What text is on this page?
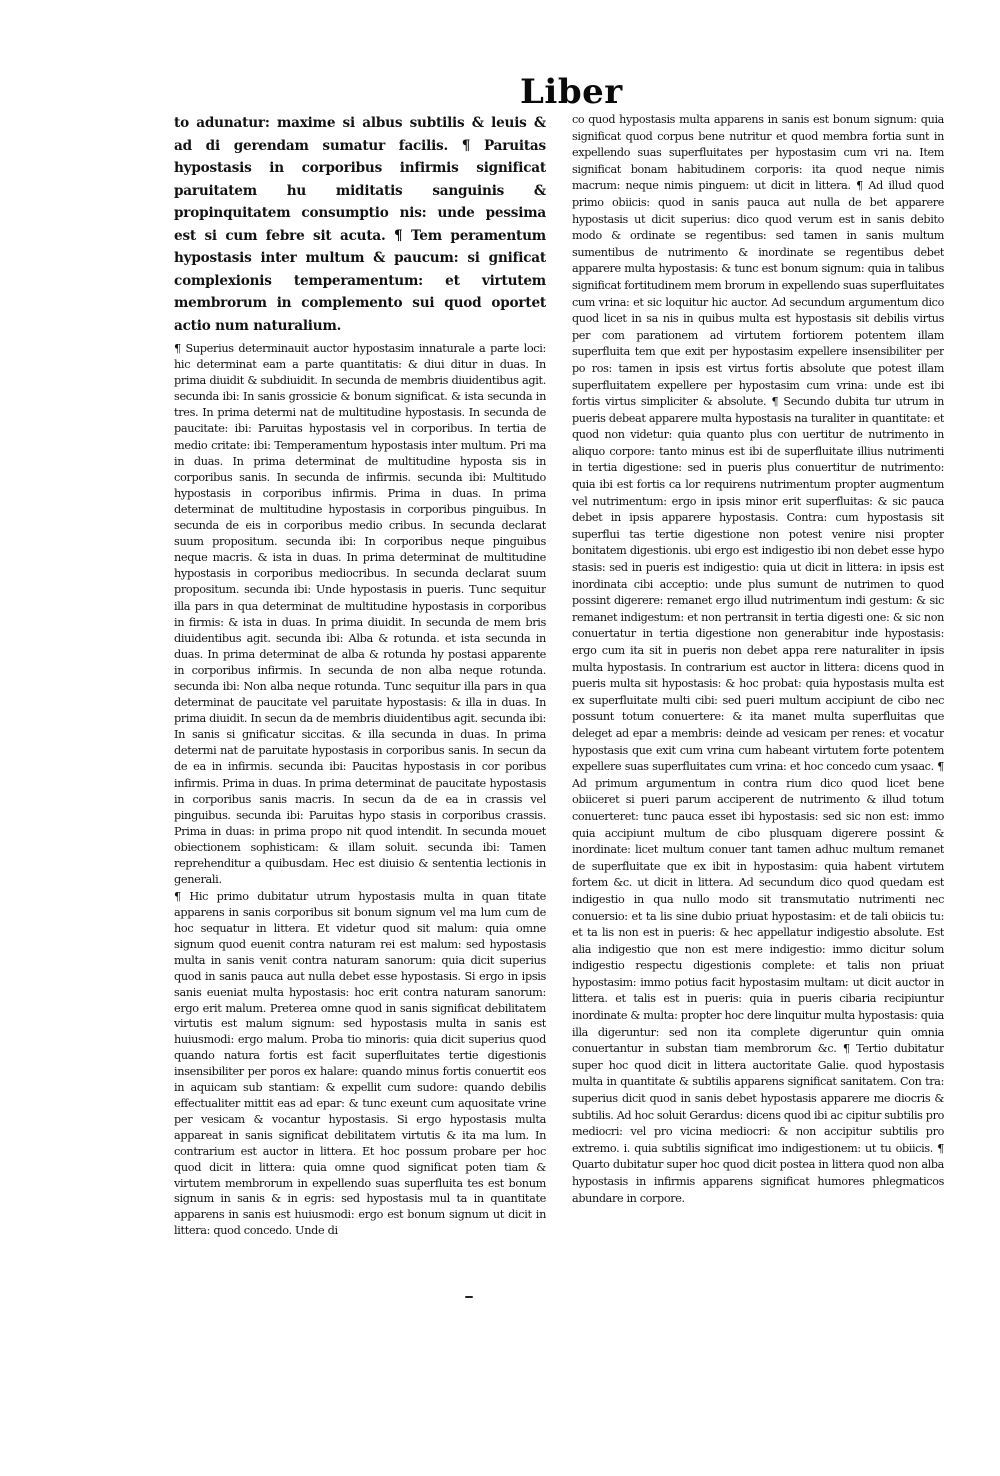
Liber

to adunatur: maxime si albus subtilis & leuis & ad di gerendam sumatur facilis. ¶ Paruitas hypostasis in corporibus infirmis significat paruitatem hu miditatis sanguinis & propinquitatem consumptio nis: unde pessima est si cum febre sit acuta. ¶ Tem peramentum hypostasis inter multum & paucum: si gnificat complexionis temperamentum: et virtutem membrorum in complemento sui quod oportet actio num naturalium.

¶ Superius determinauit auctor hypostasim innaturale a parte loci: hic determinat eam a parte quantitatis: & diui ditur in duas. In prima diuidit & subdiuidit. In secunda de membris diuidentibus agit. secunda ibi: In sanis grossicie & bonum significat. & ista secunda in tres. In prima determi nat de multitudine hypostasis. In secunda de paucitate: ibi: Paruitas hypostasis vel in corporibus. In tertia de medio critate: ibi: Temperamentum hypostasis inter multum. Pri ma in duas. In prima determinat de multitudine hyposta sis in corporibus sanis. In secunda de infirmis. secunda ibi: Multitudo hypostasis in corporibus infirmis. Prima in duas. In prima determinat de multitudine hypostasis in corporibus pinguibus. In secunda de eis in corporibus medio cribus. In secunda declarat suum propositum. secunda ibi: In corporibus neque pinguibus neque macris. & ista in duas. In prima determinat de multitudine hypostasis in corporibus mediocribus. In secunda declarat suum propositum. secunda ibi: Unde hypostasis in pueris. Tunc sequitur illa pars in qua determinat de multitudine hypostasis in corporibus in firmis: & ista in duas. In prima diuidit. In secunda de mem bris diuidentibus agit. secunda ibi: Alba & rotunda. et ista secunda in duas. In prima determinat de alba & rotunda hy postasi apparente in corporibus infirmis. In secunda de non alba neque rotunda. secunda ibi: Non alba neque rotunda. Tunc sequitur illa pars in qua determinat de paucitate vel paruitate hypostasis: & illa in duas. In prima diuidit. In secun da de membris diuidentibus agit. secunda ibi: In sanis si gnificatur siccitas. & illa secunda in duas. In prima determi nat de paruitate hypostasis in corporibus sanis. In secun da de ea in infirmis. secunda ibi: Paucitas hypostasis in cor poribus infirmis. Prima in duas. In prima determinat de paucitate hypostasis in corporibus sanis macris. In secun da de ea in crassis vel pinguibus. secunda ibi: Paruitas hypo stasis in corporibus crassis. Prima in duas: in prima propo nit quod intendit. In secunda mouet obiectionem sophisticam: & illam soluit. secunda ibi: Tamen reprehenditur a quibusdam. Hec est diuisio & sententia lectionis in generali.

¶ Hic primo dubitatur utrum hypostasis multa in quan titate apparens in sanis corporibus sit bonum signum vel ma lum cum de hoc sequatur in littera. Et videtur quod sit malum: quia omne signum quod euenit contra naturam rei est malum: sed hypostasis multa in sanis venit contra naturam sanorum: quia dicit superius quod in sanis pauca aut nulla debet esse hypostasis. Si ergo in ipsis sanis eueniat multa hypostasis: hoc erit contra naturam sanorum: ergo erit malum. Preterea omne quod in sanis significat debilitatem virtutis est malum signum: sed hypostasis multa in sanis est huiusmodi: ergo malum. Proba tio minoris: quia dicit superius quod quando natura fortis est facit superfluitates tertie digestionis insensibiliter per poros ex halare: quando minus fortis conuertit eos in aquicam sub stantiam: & expellit cum sudore: quando debilis effectualiter mittit eas ad epar: & tunc exeunt cum aquositate vrine per vesicam & vocantur hypostasis. Si ergo hypostasis multa appareat in sanis significat debilitatem virtutis & ita ma lum. In contrarium est auctor in littera. Et hoc possum probare per hoc quod dicit in littera: quia omne quod significat poten tiam & virtutem membrorum in expellendo suas superfluita tes est bonum signum in sanis & in egris: sed hypostasis mul ta in quantitate apparens in sanis est huiusmodi: ergo est bonum signum ut dicit in littera: quod concedo. Unde di

co quod hypostasis multa apparens in sanis est bonum signum: quia significat quod corpus bene nutritur et quod membra fortia sunt in expellendo suas superfluitates per hypostasim cum vri na. Item significat bonam habitudinem corporis: ita quod neque nimis macrum: neque nimis pinguem: ut dicit in littera. ¶ Ad illud quod primo obiicis: quod in sanis pauca aut nulla de bet apparere hypostasis ut dicit superius: dico quod verum est in sanis debito modo & ordinate se regentibus: sed tamen in sanis multum sumentibus de nutrimento & inordinate se regentibus debet apparere multa hypostasis: & tunc est bonum signum: quia in talibus significat fortitudinem mem brorum in expellendo suas superfluitates cum vrina: et sic loquitur hic auctor. Ad secundum argumentum dico quod licet in sa nis in quibus multa est hypostasis sit debilis virtus per com parationem ad virtutem fortiorem potentem illam superfluita tem que exit per hypostasim expellere insensibiliter per po ros: tamen in ipsis est virtus fortis absolute que potest illam superfluitatem expellere per hypostasim cum vrina: unde est ibi fortis virtus simpliciter & absolute. ¶ Secundo dubita tur utrum in pueris debeat apparere multa hypostasis na turaliter in quantitate: et quod non videtur: quia quanto plus con uertitur de nutrimento in aliquo corpore: tanto minus est ibi de superfluitate illius nutrimenti in tertia digestione: sed in pueris plus conuertitur de nutrimento: quia ibi est fortis ca lor requirens nutrimentum propter augmentum vel nutrimentum: ergo in ipsis minor erit superfluitas: & sic pauca debet in ipsis apparere hypostasis. Contra: cum hypostasis sit superflui tas tertie digestione non potest venire nisi propter bonitatem digestionis. ubi ergo est indigestio ibi non debet esse hypo stasis: sed in pueris est indigestio: quia ut dicit in littera: in ipsis est inordinata cibi acceptio: unde plus sumunt de nutrimen to quod possint digerere: remanet ergo illud nutrimentum indi gestum: & sic remanet indigestum: et non pertransit in tertia digesti one: & sic non conuertatur in tertia digestione non generabitur inde hypostasis: ergo cum ita sit in pueris non debet appa rere naturaliter in ipsis multa hypostasis. In contrarium est auctor in littera: dicens quod in pueris multa sit hypostasis: & hoc probat: quia hypostasis multa est ex superfluitate multi cibi: sed pueri multum accipiunt de cibo nec possunt totum conuertere: & ita manet multa superfluitas que deleget ad epar a membris: deinde ad vesicam per renes: et vocatur hypostasis que exit cum vrina cum habeant virtutem forte potentem expellere suas superfluitates cum vrina: et hoc concedo cum ysaac. ¶ Ad primum argumentum in contra rium dico quod licet bene obiiceret si pueri parum acciperent de nutrimento & illud totum conuerteret: tunc pauca esset ibi hypostasis: sed sic non est: immo quia accipiunt multum de cibo plusquam digerere possint & inordinate: licet multum conuer tant tamen adhuc multum remanet de superfluitate que ex ibit in hypostasim: quia habent virtutem fortem &c. ut dicit in littera. Ad secundum dico quod quedam est indigestio in qua nullo modo sit transmutatio nutrimenti nec conuersio: et ta lis sine dubio priuat hypostasim: et de tali obiicis tu: et ta lis non est in pueris: & hec appellatur indigestio absolute. Est alia indigestio que non est mere indigestio: immo dicitur solum indigestio respectu digestionis complete: et talis non priuat hypostasim: immo potius facit hypostasim multam: ut dicit auctor in littera. et talis est in pueris: quia in pueris cibaria recipiuntur inordinate & multa: propter hoc dere linquitur multa hypostasis: quia illa digeruntur: sed non ita complete digeruntur quin omnia conuertantur in substan tiam membrorum &c. ¶ Tertio dubitatur super hoc quod dicit in littera auctoritate Galie. quod hypostasis multa in quantitate & subtilis apparens significat sanitatem. Con tra: superius dicit quod in sanis debet hypostasis apparere me diocris & subtilis. Ad hoc soluit Gerardus: dicens quod ibi ac cipitur subtilis pro mediocri: vel pro vicina mediocri: & non accipitur subtilis pro extremo. i. quia subtilis significat imo indigestionem: ut tu obiicis. ¶ Quarto dubitatur super hoc quod dicit postea in littera quod non alba hypostasis in infirmis apparens significat humores phlegmaticos abundare in corpore.
